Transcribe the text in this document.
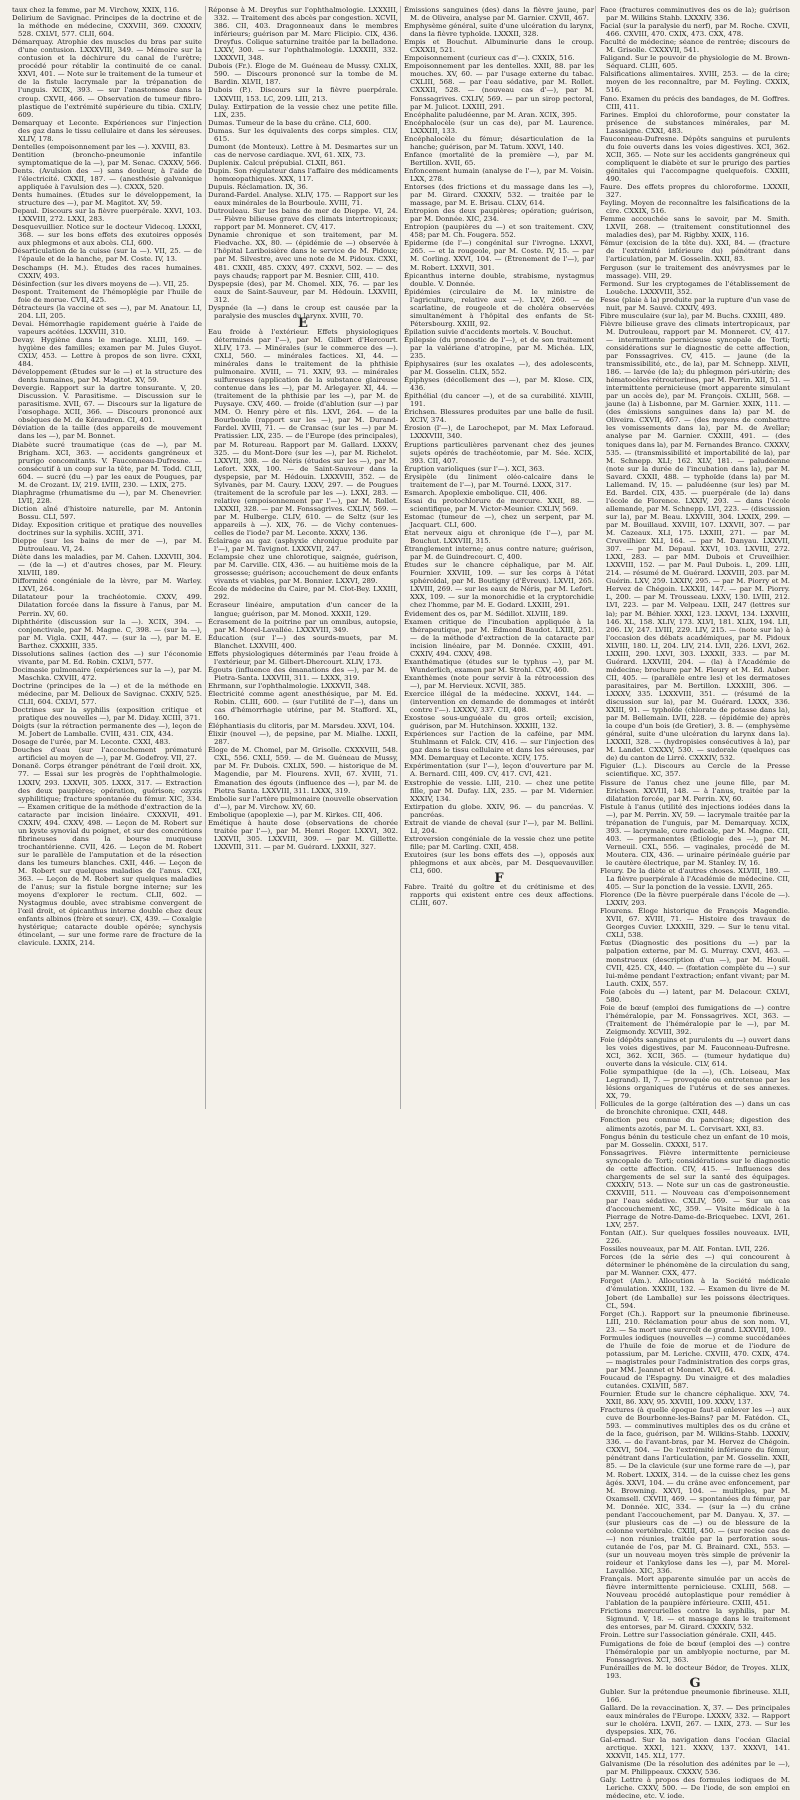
taux chez la femme, par M. Virchow, XXIX, 116.

Delirium de Savignac. Principes de la doctrine et de la méthode en médecine, CXXVIII, 369. CXXXIV, 528. CXLVI, 577. CLII, 604.

Démarquay. Atrophie des muscles du bras par suite d'une contusion. LXXXVIII, 349. — Mémoire sur la contusion et la déchirure du canal de l'urètre; procédé pour rétablir la continuité de ce canal. XXVI, 401. — Note sur le traitement de la tumeur et de la fistule lacrymale par la trépanation de l'unguis. XCIX, 393. — sur l'anastomose dans la croup. CXVII, 466. — Observation de tumeur fibro-plastique de l'extrémité supérieure du tibia. CXLIV, 609.

Demarquay et Leconte. Expériences sur l'injection des gaz dans le tissu cellulaire et dans les séreuses. XLIV, 178.

Dentelles (empoisonnement par les —). XXVIII, 83.

Dentition (broncho-pneumonie infantile symptomatique de la —), par M. Senac. CXXXV, 566.

Dents. (Avulsion des —) sans douleur, à l'aide de l'électricité. CXXII, 187. — (anesthésie galvanique appliquée à l'avulsion des —). CXXX, 520.

Dents humaines. (Études sur le développement, la structure des —), par M. Magitot. XV, 59.

Depaul. Discours sur la fièvre puerpérale. XXVI, 103. LXXVIII, 272. LXXI, 283.

Desquevuillier. Notice sur le docteur Videcoq. LXXXI, 368. — sur les bons effets des exutoires opposés aux phlegmons et aux abcès. CLI, 600.

Désarticulation de la cuisse (sur la —). VII, 25. — de l'épaule et de la hanche, par M. Coste. IV, 13.

Deschamps (H. M.). Études des races humaines. CXXIV, 493.

Désinfection (sur les divers moyens de —). VII, 25.

Despont. Traitement de l'hémoplégie par l'huile de foie de morue. CVII, 425.

Détracteurs (la vaccine et ses —), par M. Anatour. LI, 204. LII, 205.

Devai. Hémorrhagie rapidement guérie à l'aide de vapeurs acétées. LXXVIII, 310.

Devay. Hygiène dans le mariage. XLIII, 169. — hygiène des familles; examen par M. Jules Guyot. CXLV, 453. — Lettre à propos de son livre. CXXI, 484.

Développement (Études sur le —) et la structure des dents humaines, par M. Magitot. XV, 59.

Devergie. Rapport sur la dartre tonsurante. V, 20. Discussion. V. Parasitisme. — Discussion sur le parasitisme. XVII, 67. — Discours sur la ligature de l'œsophage. XCII, 366. — Discours prononcé aux obsèques de M. de Kéraudren. CI, 401.

Déviation de la taille (des appareils de mouvement dans les —), par M. Bonnet.

Diabète sucré traumatique (cas de —), par M. Brigham. XCI, 363. — accidents gangréneux et prurigo concomitants. V. Fauconneau-Dufresne. — consécutif à un coup sur la tête, par M. Todd. CLII, 604. — sucré (du —) par les eaux de Pougues, par M. de Crozant. LV, 219. LVIII, 230. — LXIX, 275.

Diaphragme (rhumatisme du —), par M. Chenevrier. LVII, 228.

Diction aîné d'histoire naturelle, par M. Antonin Bossu. CLI, 597.

Diday. Exposition critique et pratique des nouvelles doctrines sur la syphilis. XCIII, 371.

Dieppe (sur les bains de mer de —), par M. Dutrouleau. VI, 24.

Diète dans les maladies, par M. Cahen. LXXVIII, 304. — (de la —) et d'autres choses, par M. Fleury. XLVIII, 189.

Difformité congéniale de la lèvre, par M. Warley. LXVI, 264.

Dilatateur pour la trachéotomie. CXXV, 499. Dilatation forcée dans la fissure à l'anus, par M. Perrin. XV, 60.

Diphthérite (discussion sur la —). XCIX, 394. — conjonctivale, par M. Magne. C, 398. — (sur la —), par M. Vigla. CXII, 447. — (sur la —), par M. E. Barthez. CXXXIII, 335.

Dissolutions salines (action des —) sur l'économie vivante, par M. Ed. Robin. CXLVI, 577.

Docimasie pulmonaire (expériences sur la —), par M. Maschka. CXVIII, 472.

Doctrine (principes de la —) et de la méthode en médecine, par M. Delioux de Savignac. CXXIV, 525. CLII, 604. CXLVI, 577.

Doctrines sur la syphilis (exposition critique et pratique des nouvelles —), par M. Diday. XCIII, 371.

Doigts (sur la rétraction permanente des —), leçon de M. Jobert de Lamballe. CVIII, 431. CIX, 434.

Dosage de l'urée, par M. Leconte. CXXI, 483.

Douches d'eau (sur l'accouchement prématuré artificiel au moyen de —), par M. Godefroy. VII, 27.

Donanë. Corps étranger pénétrant de l'œil droit. XX, 77. — Essai sur les progrès de l'ophthalmologie. LXXIV, 293. LXXVII, 305. LXXX, 317. — Extraction des deux paupières; opération, guérison; ozyzis syphilitique; fracture spontanée du fémur. XIC, 334. — Examen critique de la méthode d'extraction de la cataracte par incision linéaire. CXXXVII, 491. CXXIV, 494. CXXV, 498. — Leçon de M. Robert sur un kyste synovial du poignet, et sur des concrétions fibrineuses dans la bourse muqueuse trochantérienne. CVII, 426. — Leçon de M. Robert sur le parallèle de l'amputation et de la résection dans les tumeurs blanches. CXII, 446. — Leçon de M. Robert sur quelques maladies de l'anus. CXI, 363. — Leçon de M. Robert sur quelques maladies de l'anus; sur la fistule borgne interne; sur les moyens d'explorer le rectum. CLII, 602. — Nystagmus double, avec strabisme convergent de l'œil droit, et épicanthus interne double chez deux enfants albinos (frère et sœur). CX, 439. — Coxalgie hystérique; cataracte double opérée; synchysis étincelant, — sur une forme rare de fracture de la clavicule. LXXIX, 214.

Réponse à M. Dreyfus sur l'ophthalmologie. LXXXIII, 332. — Traitement des abcès par congestion. XCVII, 386. CII, 403. Dragonneaux dans le membres inférieurs; guérison par M. Marc Flicipio. CIX, 436. Dreyfus. Colique saturnine traitée par la belladone. LXXV, 300. — sur l'ophthalmologie. LXXXIII, 332. LXXXVII, 348.

Dubois (Fr.). Éloge de M. Guéneau de Mussy. CXLIX, 590. — Discours prononcé sur la tombe de M. Bardin. XLVII, 187.

Dubois (P.). Discours sur la fièvre puerpérale. LXXVIII, 153. LC, 209. LIII, 213.

Dulay. Extirpation de la vessie chez une petite fille. LIX, 235.

Dumas. Tumeur de la base du crâne. CLI, 600.

Dumas. Sur les équivalents des corps simples. CLV, 615.

Dumont (de Monteux). Lettre à M. Desmartes sur un cas de nervose cardiaque. XVI, 61. XIX, 73.

Duplenix. Calcul prépubial. CLXII, 861.

Dupin. Son régulateur dans l'affaire des médicaments homœopathiques. XXX, 117.

Dupuis. Réclamation. IX, 36.

Durand-Fardel. Analyse. XLIV, 175. — Rapport sur les eaux minérales de la Bourboule. XVIII, 71.

Dutrouleau. Sur les bains de mer de Dieppe. VI, 24. — Fièvre bilieuse grave des climats intertropicaux; rapport par M. Monneret. CV, 417.

Dynamie chronique et son traitement, par M. Fiedvache. XX, 80. — (épidémie de —) observée à l'hôpital Lariboisière dans le service de M. Pidoux; par M. Silvestre, avec une note de M. Pidoux. CXXI, 481. CXXII, 485. CXXV, 497. CXXVI, 502. — — des pays chauds; rapport par M. Besnier. CIII, 410.

Dyspepsie (des), par M. Chomel. XIX, 76. — par les eaux de Saint-Sauveur, par M. Hédouin. LXXVIII, 312.

Dyspnée (la —) dans le croup est causée par la paralysie des muscles du larynx. XVIII, 70.

E

Eau froide à l'extérieur. Effets physiologiques déterminés par l'—), par M. Gilbert d'Hercourt. XLIV, 173. — Minérales (sur le commerce des —). CXLI, 560. — minérales factices. XI, 44. — minérales dans le traitement de la phthisie pulmonaire. XVIII, — 71. XXIV, 93. — minérales sulfureuses (application de la substance glaireuse contenue dans les —), par M. Arlegayer. XI, 44. — (traitement de la phthisie par les —), par M. de Puysaye. CXV, 460. — froide (d'ablution (sur —) par MM. O. Henry père et fils. LXVI, 264. — de la Bourboule (rapport sur les —), par M. Durand-Fardel. XVIII, 71. — de Cransac (sur les —) par M. Pratissier. LIX, 235. — de l'Europe (des principales), par M. Rotureau. Rapport par M. Gallard. LXXXV, 325. — du Mont-Dore (sur les —), par M. Richelot. LXXVII, 308. — de Néris (études sur les —), par M. Lefort. XXX, 100. — de Saint-Sauveur dans la dyspepsie, par M. Hédouin. LXXXVIII, 352. — de Sylvanès, par M. Caury. LXXV, 297. — de Pougues (traitement de la scrofule par les —). LXXI, 283. — relative (empoisonnement par l'—), par M. Rollet. LXXXII, 328. — par M. Fonssagrives. CXLIV, 569. — par M. Hulberge. CLIV, 610. — de Seltz (sur les appareils à —). XIX, 76. — de Vichy contenues-celles de l'iode? par M. Leconte. XXXV, 136.

Éclairage au gaz (asphyxie chronique produite par l'—), par M. Tavignot. LXXXVII, 247.

Eclampsie chez une chlorotique, saignée, guérison, par M. Carville. CIX, 436. — au huitième mois de la grossesse; guérison; accouchement de deux enfants vivants et viables, par M. Bonnier. LXXVI, 289.

École de médecine du Caire, par M. Clot-Bey. LXXIII, 292.

Écraseur linéaire, amputation d'un cancer de la langue; guérison, par M. Monod. XXXII, 129.

Écrasement de la poitrine par un omnibus, autopsie, par M. Morel-Lavallée. LXXXVIII, 349.

Éducation (sur l'—) des sourds-muets, par M. Blanchet. LXXVIII, 400.

Effets physiologiques déterminés par l'eau froide à l'extérieur, par M. Gilbert-Dhercourt. XLIV, 173.

Égouts (influence des émanations des —), par M. de Pietra-Santa. LXXVIII, 311. — LXXX, 319.

Ehrmann, sur l'ophthalmologie. LXXXVII, 348.

Électricité comme agent anesthésique, par M. Ed. Robin. CLIII, 600. — (sur l'utilité de l'—), dans un cas d'hémorrhagie utérine, par M. Stafford. XL, 160.

Éléphantiasis du clitoris, par M. Marsdeu. XXVI, 104.

Élixir (nouvel —), de pepsine, par M. Mialhe. LXXII, 287.

Éloge de M. Chomel, par M. Grisolle. CXXXVIII, 548. CXL, 556. CXLI, 559. — de M. Guéneau de Mussy, par M. Fr. Dubois. CXLIX, 590. — historique de M. Magendie, par M. Flourens. XVII, 67. XVIII, 71. Émanation des égouts (influence des —), par M. de Pietra Santa. LXXVIII, 311. LXXX, 319.

Embolie sur l'artère pulmonaire (nouvelle observation d'—), par M. Virchow. XV, 60.

Embolique (apoplexie —), par M. Kirkes. CII, 406.

Emétique à haute dose (observations de chorée traitée par l'—), par M. Henri Roger. LXXVI, 302. LXXVII, 305. LXXVIII, 309. — par M. Gillette. LXXVIII, 311. — par M. Guérard. LXXXII, 327.

Émissions sanguines (des) dans la fièvre jaune, par M. de Oliveira, analyse par M. Garnier. CXVII, 467.

Emphysème général, suite d'une ulcération du larynx, dans la fièvre typhoïde. LXXXII, 328.

Empis et Bouchut. Albuminurie dans le croup. CXXXII, 521.

Empoisonnement (curieux cas d'—). CXXIX, 516.

Empoisonnement par les dentelles. XXII, 88. par les mouches. XV, 60. — par l'usage externe du tabac. CXLIII, 568. — par l'eau sédative, par M. Rollet. CXXXII, 528. — (nouveau cas d'—), par M. Fonssagrives. CXLIV, 569. — par un sirop pectoral, par M. Julicot. LXXIII, 291.

Encéphalite paludéenne, par M. Aran. XCIX, 395.

Encéphalocèle (sur un cas de), par M. Laurence. LXXXIII, 133.

Encéphalocèle du fémur; désarticulation de la hanche; guérison, par M. Tatum. XXVI, 140.

Enfance (mortalité de la première —), par M. Bertillon. XVII, 65.

Enfoncement humain (analyse de l'—), par M. Voisin. LXX, 278.

Entorses (des frictions et du massage dans les —), par M. Girard. CXXXIV, 532. — traitée par le massage, par M. E. Brisau. CLXV, 614.

Entropion des deux paupières; opération; guérison, par M. Donnée. XIC, 234.

Entropion (paupières du —) et son traitement. CXV, 458; par M. Ch. Fougera. 552.

Epiderme (de l'—) congénital sur l'ivrogne. LXXVI, 265. — et la rougeole, par M. Coste. IV, 15. — par M. Corling. XXVI, 104. — (Étrenement de l'—), par M. Robert. LXXVII, 301.

Épicanthus interne double, strabisme, nystagmus double. V. Donnée.

Épidémies (circulaire de M. le ministre de l'agriculture, relative aux —). LXV, 260. — de scarlatine, de rougeole et de choléra observées simultanément à l'hôpital des enfants de St-Pétersbourg. XXIII, 92.

Épilation suivie d'accidents mortels. V. Bouchut.

Épilepsie (du pronostic de l'—), et de son traitement par la valériane d'atropine, par M. Michéa. LIX, 235.

Épiphysaires (sur les oxalates —), des adolescents, par M. Gosselin. CLIX, 552.

Épiphyses (décollement des —), par M. Klose. CIX, 436.

Épithélial (du cancer —), et de sa curabilité. XLVIII, 191.

Érichsen. Blessures produites par une balle de fusil. XCIV, 374.

Érosion (l'—), de Larochepot, par M. Max Leforaud. LXXXVIII, 340.

Éruptions particulières parvenant chez des jeunes sujets opérés de trachéotomie, par M. Sée. XCIX, 393. CII, 407.

Éruption varioliques (sur l'—). XCI, 363.

Érysipèle (du liniment oléo-calcaire dans le traitement de l'—), par M. Tourné. LXXX, 317.

Esmarch. Apoplexie embolique. CII, 406.

Essai du protochlorure de mercure. XXII, 88. — scientifique, par M. Victor-Meunier. CXLIV, 569.

Estomac (tumeur de —), chez un serpent, par M. Jacquart. CLI, 600.

État nerveux aigu et chronique (de l'—), par M. Bouchut. LXXVIII, 315.

Étranglement interne; anus contre nature; guérison, par M. de Guindrecourt. C, 400.

Études sur le chancre céphalique, par M. Alf. Fournier. XXVIII, 109. — sur les corps à l'état sphéroïdal, par M. Boutigny (d'Évreux). LXVII, 265. LXVIII, 269. — sur les eaux de Néris, par M. Lefort. XXX, 109. — sur la monorchidie et la cryptorchidie chez l'homme, par M. E. Godard. LXXIII, 291.

Évidement des os, par M. Sédillot. XLVIII, 189.

Examen critique de l'incubation appliquée à la thérapeutique, par M. Edmond Baudot. LXIII, 251. — de la méthode d'extraction de la cataracte par incision linéaire, par M. Donnée. CXXIII, 491. CXXIV, 494. CXXV, 498.

Exanthématique (études sur le typhus —), par M. Wunderlich, examen par M. Strohl. CXV, 460.

Exanthèmes (note pour servir à la rétrocession des —), par M. Hervieux. XCVII, 385.

Exercice illégal de la médecine. XXXVI, 144. — (intervention en demande de dommages et intérêt contre l'—). LXXXV, 337. CII, 408.

Exostose sous-unguéale du gros orteil; excision, guérison, par M. Hutchinson. XXXIII, 132.

Expériences sur l'action de la caféine, par MM. Stuhlmann et Falck. CIV, 416. — sur l'injection des gaz dans le tissu cellulaire et dans les séreuses, par MM. Demarquay et Leconte. XCIV, 175.

Expérimentation (sur l'—), leçon d'ouverture par M. A. Bernard. CIII, 409. CV, 417. CVI, 421.

Exstrophie de vessie. LIII, 210. — chez une petite fille, par M. Dufay. LIX, 235. — par M. Vidernier. XXXIV, 134.

Extirpation du globe. XXIV, 96. — du pancréas. V. pancréas.

Extrait de viande de cheval (sur l'—), par M. Bellini. LI, 204.

Extroversion congéniale de la vessie chez une petite fille; par M. Carling. CXII, 458.

Exutoires (sur les bons effets des —), opposés aux phlegmons et aux abcès, par M. Desquevauviller. CLI, 600.

F

Fabre. Traité du goître et du crétinisme et des rapports qui existent entre ces deux affections. CLIII, 607.

Face (fractures comminutives des os de la); guérison par M. Wilkins Stahb. LXXXIV, 336.

Facial (sur la paralysie du nerf), par M. Roche. CXVII, 466. CXVIII, 470. CXIX, 473. CXX, 478.

Faculté de médecine; séance de rentrée; discours de M. Grisolle. CXXXVII, 541.

Faligand. Sur le pouvoir de physiologie de M. Brown-Séquard. CLIII, 605.

Falsifications alimentaires. XVIII, 253. — de la cire; moyen de les reconnaître, par M. Feyling. CXXIX, 516.

Fano. Examen du précis des bandages, de M. Goffres. CIII, 411.

Farines. Emploi du chloroforme, pour constater la présence de substances minérales, par M. Lassaigne. CXXI, 483.

Fauconneau-Dufresne. Dépôts sanguins et purulents du foie ouverts dans les voies digestives. XCI, 362. XCII, 365. — Note sur les accidents gangréneux qui compliquent le diabète et sur le prurigo des parties génitales qui l'accompagne quelquefois. CXXIII, 490.

Faure. Des effets propres du chloroforme. LXXXII, 327.

Feyling. Moyen de reconnaître les falsifications de la cire. CXXIX, 516.

Femme accouchée sans le savoir, par M. Smith. LXVII, 268. — (traitement constitutionnel des maladies des), par M. Rigbby. XXIX, 116.

Fémur (excision de la tête du). XXI, 84. — (fracture de l'extrémité inférieure du) pénétrant dans l'articulation, par M. Gosselin. XXII, 83.

Ferguson (sur le traitement des anévrysmes par le massage). VIII, 29.

Fermond. Sur les cryptogames de l'établissement de Louëche. LXXXVIII, 352.

Fesse (plaie à la) produite par la rupture d'un vase de nuit, par M. Sauvé. CXXIV, 493.

Fibre musculaire (sur la), par M. Buchs. CXXIII, 489.

Fièvre bilieuse grave des climats intertropicaux, par M. Dutrouleau, rapport par M. Monneret. CV, 417. — intermittente pernicieuse syncopale de Torti; considérations sur le diagnostic de cette affection, par Fonssagrives. CV, 415. — jaune (de la transmissibilité, etc., de la), par M. Schnepp. XLVII, 186. — larvée (de la); du phlegmon péri-utérin; des hématocèles rétrouterines, par M. Perrin. XII, 51. — intermittente pernicieuse (mort apparente simulant par un accès de), par M. François. CXLIII, 568. — jaune (la) à Lisbonne, par M. Garnier. XXIX, 111. — (des émissions sanguines dans la) par M. de Oliveira. CXVII, 467. — (des moyens de combattre les vomissements dans la), par M. de Avellar; analyse par M. Garnier. CXXIII, 491. — (des toniques dans la), par M. Fernandes Branco. CXXXV, 535. — (transmissibilité et importabilité de la), par M. Schnepp. XLI; 162. XLV, 181. — paludéenne (note sur la durée de l'incubation dans la), par M. Savard. CXXII, 488. — typhoïde (dans la) par M. Lallemand. IV, 15. — paludéenne (sur les) par M. Ed. Bardel. CIX, 435. — puerpérale (de la) dans l'école de Florence. LXXIV, 293. — dans l'école allemande, par M. Schnepp. LVI, 223. — (discussion sur la), par M. Beau. LXXVIII, 304. LXXIX, 299. — par M. Bouillaud. XXVIII, 107. LXXVII, 307. — par M. Cazeaux. XLI, 175. LXXIII, 271. — par M. Cruveilhier. XLI, 164. — par M. Danyau. LXXVII, 307. — par M. Depaul. XXVI, 103. LXVIII, 272. LXXI, 283. — par MM. Dubois et Cruveilhier. LXXVIII, 152. — par M. Paul Dubois. L, 209. LIII, 214. — résumé de M. Guérard. LXXVIII, 203. par M. Guérin. LXV, 259. LXXIV, 295. — par M. Piorry et M. Hervez de Chégoin. LXXXII, 147. — par M. Piorry. L, 200. — par M. Trousseau. LXXV, 130. LVIII, 212. LVI, 223. — par M. Velpeau. LXII, 247 (lettres sur la); par M. Béhier. XXXI, 123. LXXVI, 134. LXXVIII, 146. XL, 158. XLIV, 173. XLVI, 181. XLIX, 194. LII, 206. LV, 247. LVIII, 229. LIV, 215. — (note sur la) à l'occasion des débats académiques, par M. Pidoux XLVIII, 180. LI, 204. LIV, 214. LVII, 226. LXVI, 262. LXXIII, 290. LXVI, 303. LXXXII, 333. — par M. Guérard. LXXVIII, 204. — (la) à l'Académie de médecine; brochure par M. Fleury et M. Ed. Auber. CII, 405. — (parallèle entre les) et les dermatoses parasitaires, par M. Bertillon. LXXXIII, 306. — LXXXV, 335. LXXXVIII, 351. — (résumé de la discussion sur la), par M. Guérard. LXXX, 336. XXIII, 91. — typhoïde (chlorate de potasse dans la), par M. Bellemain. LVII, 228. — (épidémie de) après la coupe d'un bois (de Gretier), 3. 8. — (emphysème général, suite d'une ulcération du larynx dans la). LXXXII, 328. — (hydropisies consécutives à la), par M. Landet. CXXXV, 530. — sudorale (quelques cas de) du canton de Lirré. CXXXIV, 532.

Figuier (L.). Discours au Cercle de la Presse scientifique. XC, 357.

Fissure de l'anus chez une jeune fille, par M. Erichsen. XXVIII, 148. — à l'anus, traitée par la dilatation forcée, par M. Perrin. XV, 60.

Fistule à l'anus (utilité des injections iodées dans la —), par M. Perrin. XV, 59. — lacrymale traitée par la trépanation de l'unguis, par M. Demarquay. XCIX, 393. — lacrymale, cure radicale, par M. Magne. CII, 403. — permanentes (Étiologie des —), par M. Verneuil. CXL, 556. — vaginales, procédé de M. Moutera. CIX, 436. — urinaire périnéale guérie par le cautère électrique, par M. Stanley. IV, 16.

Fleury. De la diète et d'autres choses. XLVIII, 189. — La fièvre puerpérale à l'Académie de médecine. CII, 405. — Sur la ponction de la vessie. LXVII, 265.

Florence (De la fièvre puerpérale dans l'école de —). LXXIV, 293.

Flourens. Éloge historique de François Magendie. XVII, 67. XVIII, 71. — Histoire des travaux de Georges Cuvier. LXXXIII, 329. — Sur le tenu vital. CXLI, 538.

Fœtus (Diagnostic des positions du —) par la palpation externe, par M. G. Murray. CXVI, 463. — monstrueux (description d'un —), par M. Houël. CVII, 425. CX, 440. — (fœtation complète du —) sur lui-même pendant l'extraction; enfant vivant; par M. Lauth. CXIX, 557.

Foie (abcès du —) latent, par M. Delacour. CXLVI, 580.

Foie de bœuf (emploi des fumigations de —) contre l'héméralopie, par M. Fonssagrives. XCI, 363. — (Traitement de l'héméralopie par le —), par M. Zeigmondy. XCVIII, 392.

Foie (dépôts sanguins et purulents du —) ouvert dans les voies digestives, par M. Fauconneau-Dufresne. XCI, 362. XCII, 365. — (tumeur hydatique du) ouverte dans la vésicule. CLV, 614.

Folie sympathique (de la —), (Ch. Loiseau, Max Legrand). II, 7. — provoquée ou entretenue par les lésions organiques de l'utérus et de ses annexes. XX, 79.

Follicules de la gorge (altération des —) dans un cas de bronchite chronique. CXII, 448.

Fonction peu connue du pancréas; digestion des aliments azotés, par M. L. Corvisart. XXI, 83.

Fongus bénin du testicule chez un enfant de 10 mois, par M. Gosselin. CXXXI, 517.

Fonssagrives. Fièvre intermittente pernicieuse syncopale de Torti; considérations sur le diagnostic de cette affection. CIV, 415. — Influences des chargements de sel sur la santé des équipages. CXXXIV, 513. — Note sur un cas de gastroneustie. CXXVIII, 511. — Nouveau cas d'empoisonnement par l'eau sédative. CXLIV, 569. — Sur un cas d'accouchement. XC, 359. — Visite médicale à la Pierrage de Notre-Dame-de-Bricquebec. LXVI, 261. LXV, 257.

Fontan (Alf.). Sur quelques fossiles nouveaux. LVII, 226.

Fossiles nouveaux, par M. Alf. Fontan. LVII, 226.

Forces (de la série des —) qui concourent à déterminer le phénomène de la circulation du sang, par M. Wanner. CXX, 477.

Forget (Am.). Allocution à la Société médicale d'émulation. XXXIII, 132. — Examen du livre de M. Jobert (de Lamballe) sur les poissons électriques. CL, 594.

Forget (Ch.). Rapport sur la pneumonie fibrineuse. LIII, 210. Réclamation pour abus de son nom. VI, 23. — Sa mort une surcroît de grand. LXXVIII, 109.

Formules iodiques (nouvelles —) comme succédanées de l'huile de foie de morue et de l'iodure de potassium, par M. Leriche. CXVIII, 470. CXIX, 474. — magistrales pour l'administration des corps gras, par MM. Jeannet et Monnet. XVI, 64.

Foucaud de l'Espagny. Du vinaigre et des maladies cutanées. CXLVIII, 587.

Fournier. Étude sur le chancre céphalique. XXV, 74. XXII, 86. XXV, 95. XXVIII, 109. XXXV, 137.

Fractures (à quelle époque faut-il enlever les —) aux cuve de Bourbonne-les-Bains? par M. Fatédon. CL, 593. — comminutives multiples des os du crâne et de la face, guérison, par M. Wilkins-Stabb. LXXXIV, 336. — de l'avant-bras, par M. Hervez de Chégoin. CXXVI, 504. — De l'extrémité inférieure du fémur, pénétrant dans l'articulation, par M. Gosselin. XXII, 85. — De la clavicule (sur une forme rare de —), par M. Robert. LXXIX, 314. — de la cuisse chez les gens âgés. XXVI, 104. — du crâne avec enfoncement, par M. Browning. XXVI, 104. — multiples, par M. Oxamsell. CXVIII, 469. — spontanées du fémur, par M. Donnée. XIC, 334. — (sur la —) du crâne pendant l'accouchement, par M. Danyau. X, 37. — (sur plusieurs cas de —) ou de blessure de la colonne vertébrale. CXIII, 450. — (sur recise cas de —) non réunies, traitée par la perforation sous-cutanée de l'os, par M. G. Brainard. CXL, 553. — (sur un nouveau moyen très simple de prévenir la roideur et l'ankylose dans les —), par M. Morel-Lavallée. XIC, 336.

Français. Mort apparente simulée par un accès de fièvre intermittente pernicieuse. CXLIII, 568. — Nouveau procédé autoplastique pour remédier à l'ablation de la paupière inférieure. CXIII, 451.

Frictions mercurielles contre la syphilis, par M. Sigmund. V, 18. — et massage dans le traitement des entorses, par M. Girard. CXXXIV, 532.

Froin. Lettre sur l'association générale. CXII, 445.

Fumigations de foie de bœuf (emploi des —) contre l'héméralopie par un amblyopie nocturne, par M. Fonssagrives. XCI, 363.

Funérailles de M. le docteur Bédor, de Troyes. XLIX, 193.

G

Gubler. Sur la prétendue pneumonie fibrineuse. XLII, 166.

Gallard. De la revaccination. X, 37. — Des principales eaux minérales de l'Europe. LXXXV, 332. — Rapport sur le choléra. LXVII, 267. — LXIX, 273. — Sur les dyspepsies. XIX, 76.

Gal-ernad. Sur la navigation dans l'océan Glacial arctique. XXXI, 121. XXXV, 137. XXXVI, 141. XXXVII, 145. XLI, 177.

Galvanisme (De la résolution des adénites par le —), par M. Philippeaux. CXXXV, 536.

Galy. Lettre à propos des formules iodiques de M. Leriche. CXXV, 500. — De l'iode, de son emploi en médecine, etc. V. iode.
